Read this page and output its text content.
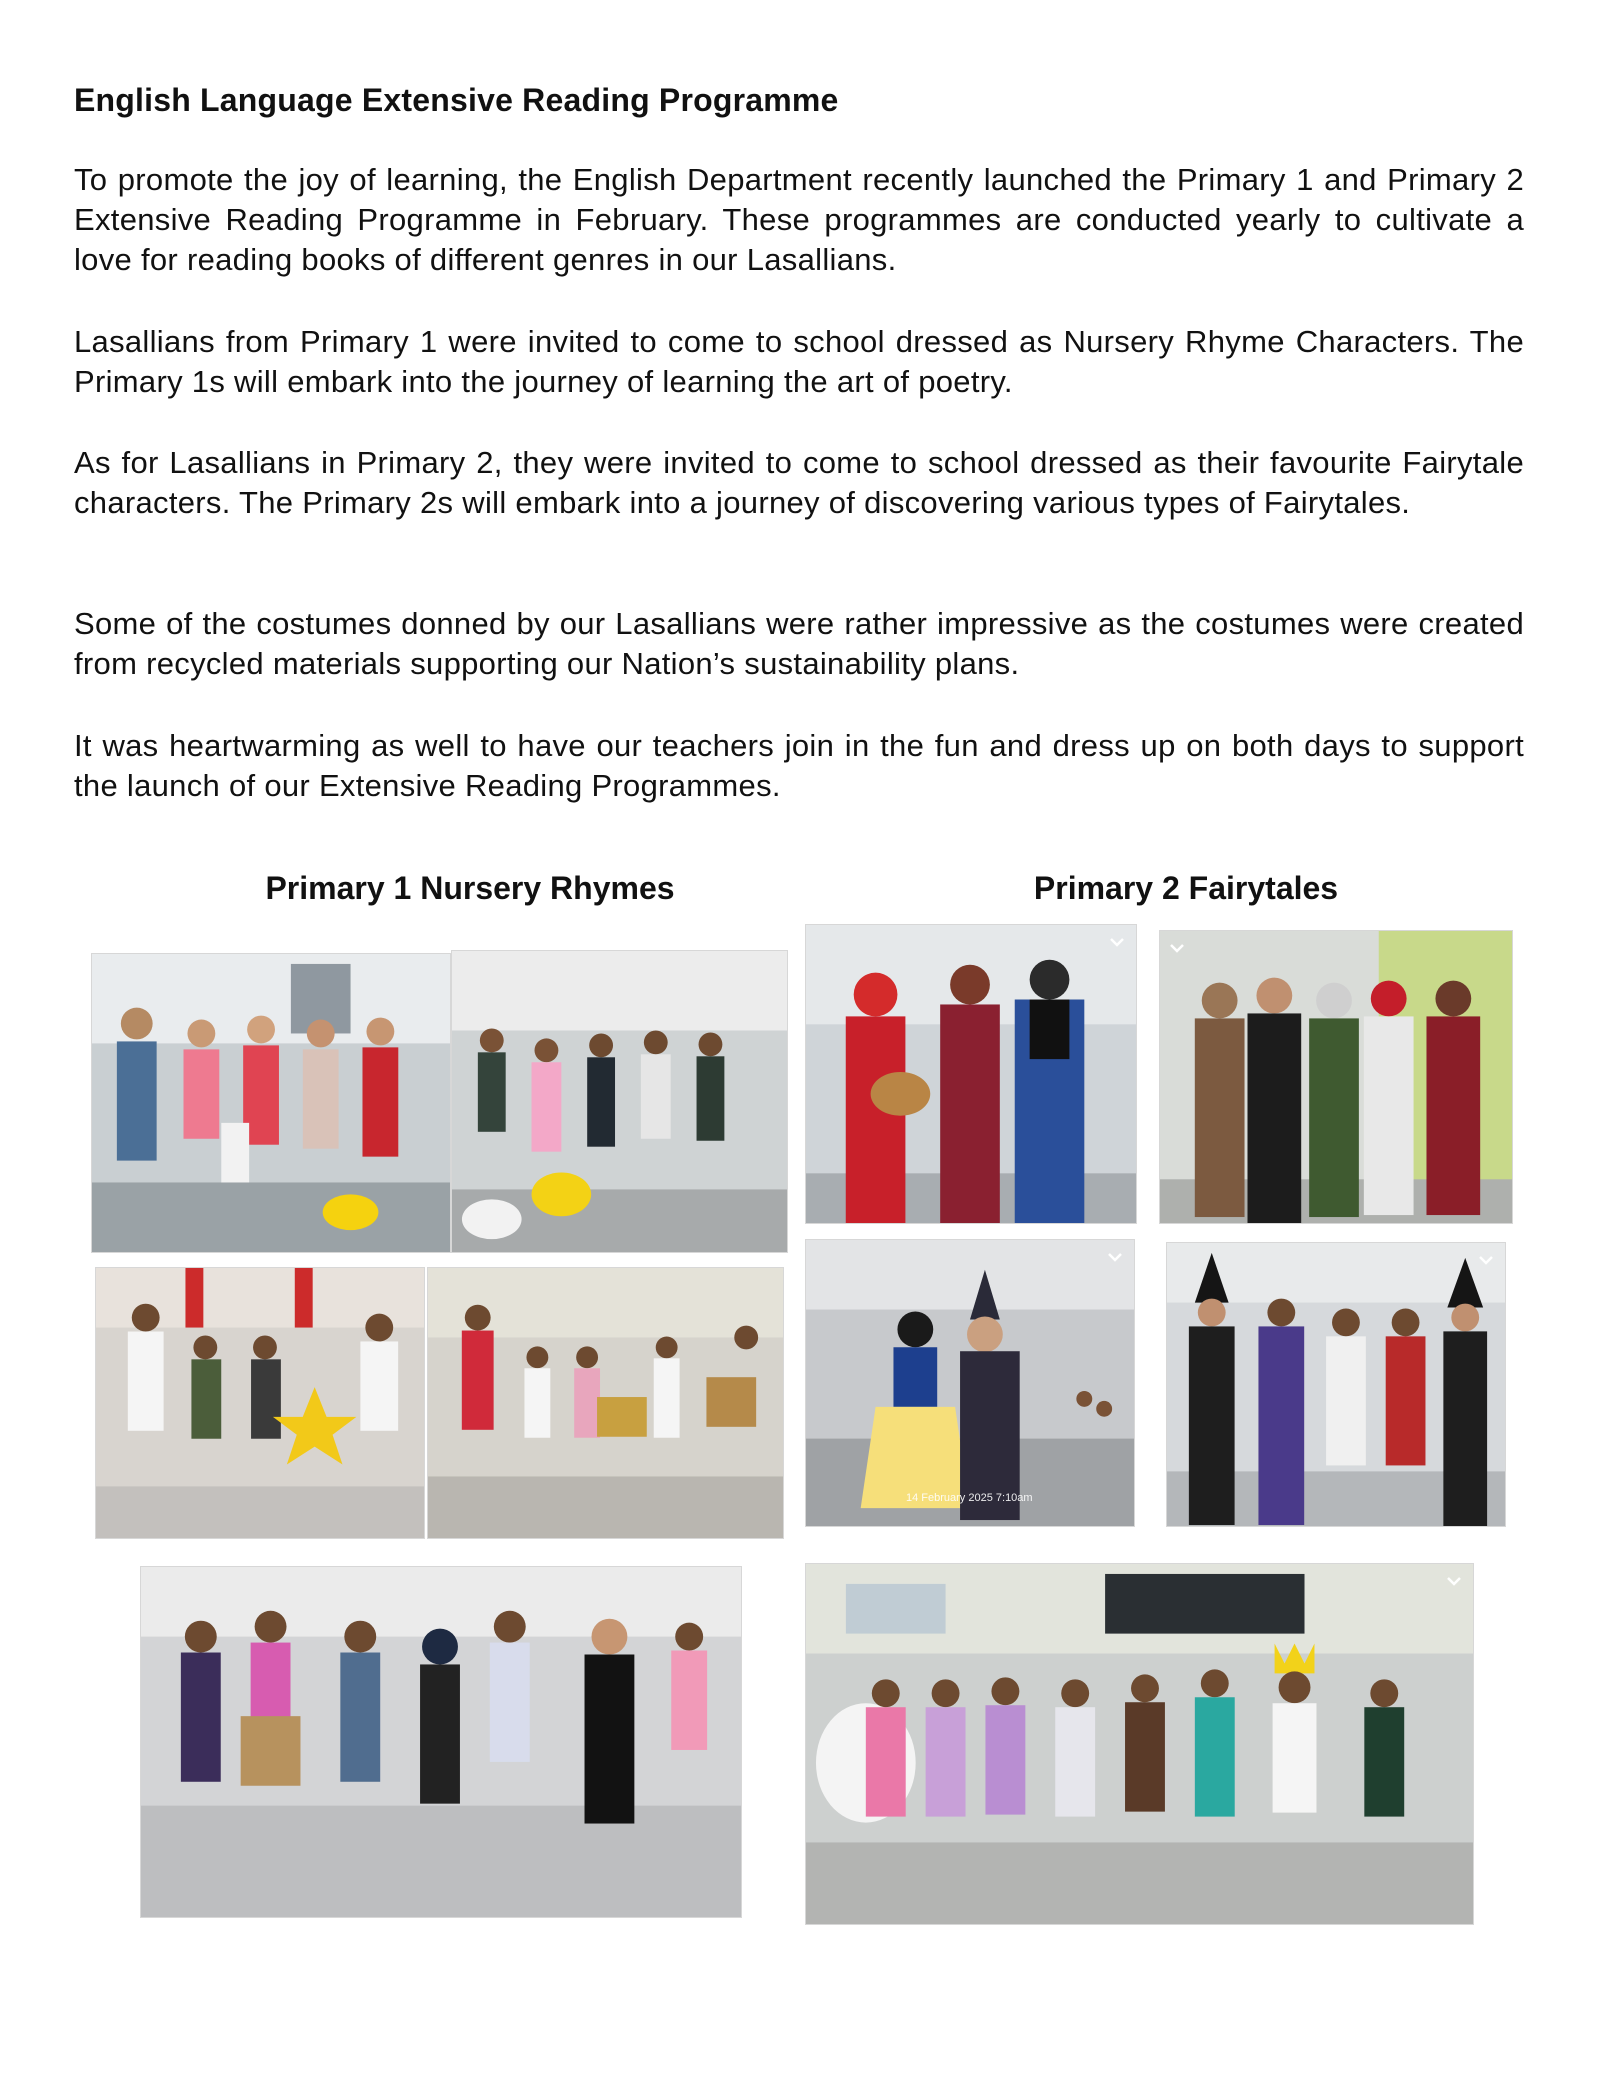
English Language Extensive Reading Programme
To promote the joy of learning, the English Department recently launched the Primary 1 and Primary 2 Extensive Reading Programme in February. These programmes are conducted yearly to cultivate a love for reading books of different genres in our Lasallians.
Lasallians from Primary 1 were invited to come to school dressed as Nursery Rhyme Characters. The Primary 1s will embark into the journey of learning the art of poetry.
As for Lasallians in Primary 2, they were invited to come to school dressed as their favourite Fairytale characters. The Primary 2s will embark into a journey of discovering various types of Fairytales.
Some of the costumes donned by our Lasallians were rather impressive as the costumes were created from recycled materials supporting our Nation’s sustainability plans.
It was heartwarming as well to have our teachers join in the fun and dress up on both days to support the launch of our Extensive Reading Programmes.
Primary 1 Nursery Rhymes	Primary 2 Fairytales
14 February 2025 7:10am
